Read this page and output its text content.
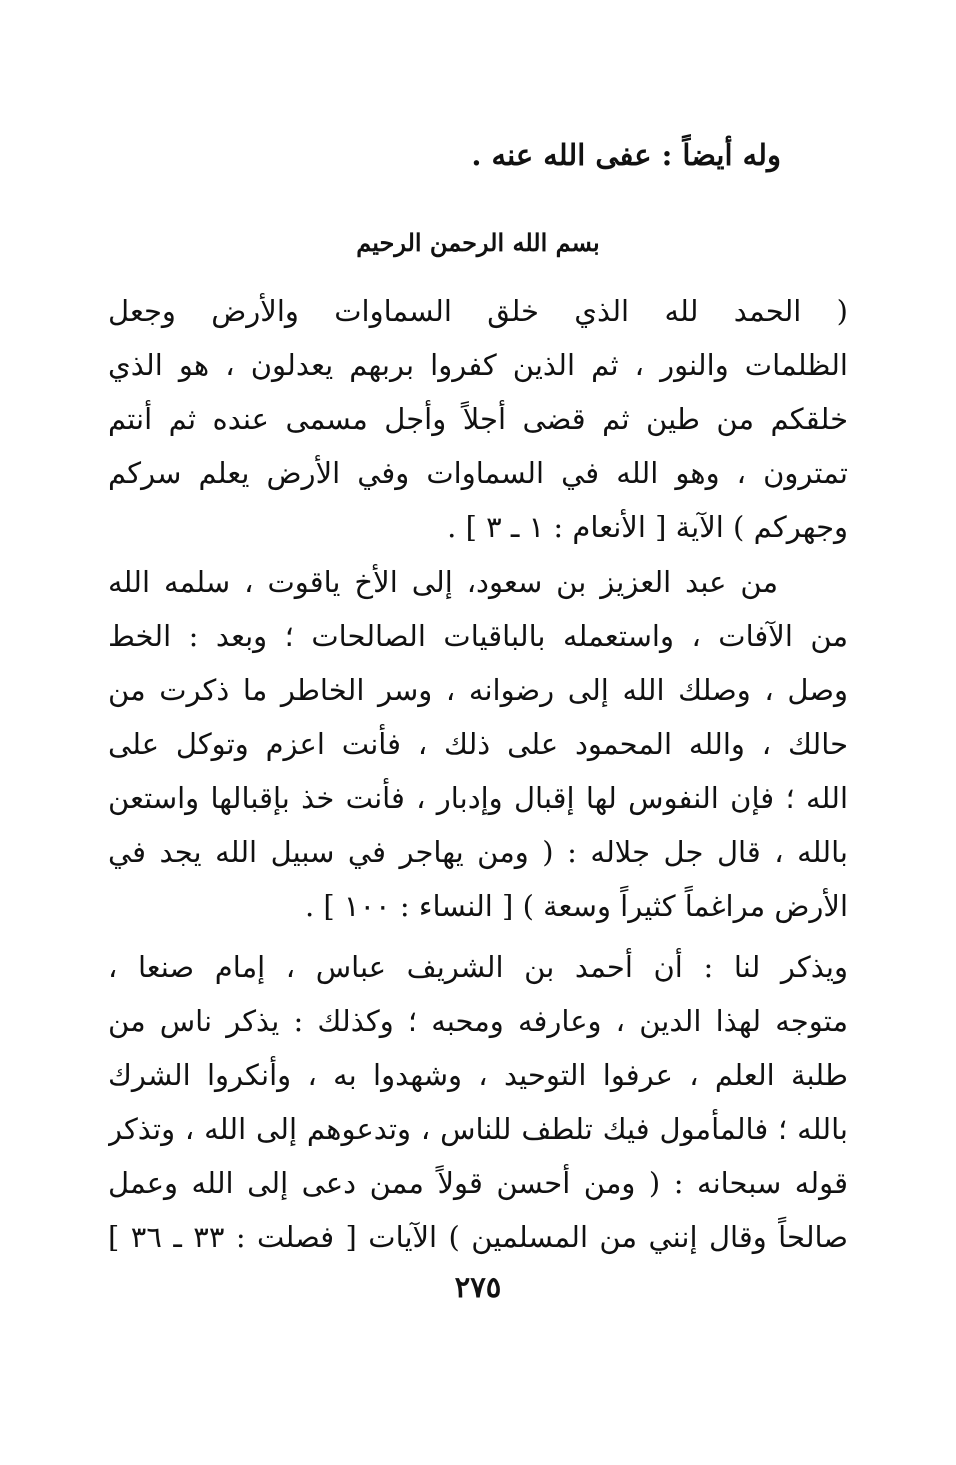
وله أيضاً : عفى الله عنه .
بسم الله الرحمن الرحيم
( الحمد لله الذي خلق السماوات والأرض وجعل
الظلمات والنور ، ثم الذين كفروا بربهم يعدلون ، هو الذي
خلقكم من طين ثم قضى أجلاً وأجل مسمى عنده ثم أنتم
تمترون ، وهو الله في السماوات وفي الأرض يعلم سركم
وجهركم ) الآية [ الأنعام : ١ ـ ٣ ] .
من عبد العزيز بن سعود، إلى الأخ ياقوت ، سلمه الله
من الآفات ، واستعمله بالباقيات الصالحات ؛ وبعد : الخط
وصل ، وصلك الله إلى رضوانه ، وسر الخاطر ما ذكرت من
حالك ، والله المحمود على ذلك ، فأنت اعزم وتوكل على
الله ؛ فإن النفوس لها إقبال وإدبار ، فأنت خذ بإقبالها واستعن
بالله ، قال جل جلاله : ( ومن يهاجر في سبيل الله يجد في
الأرض مراغماً كثيراً وسعة ) [ النساء : ١٠٠ ] .
ويذكر لنا : أن أحمد بن الشريف عباس ، إمام صنعا ،
متوجه لهذا الدين ، وعارفه ومحبه ؛ وكذلك : يذكر ناس من
طلبة العلم ، عرفوا التوحيد ، وشهدوا به ، وأنكروا الشرك
بالله ؛ فالمأمول فيك تلطف للناس ، وتدعوهم إلى الله ، وتذكر
قوله سبحانه : ( ومن أحسن قولاً ممن دعى إلى الله وعمل
صالحاً وقال إنني من المسلمين ) الآيات [ فصلت : ٣٣ ـ ٣٦ ]
٢٧٥
